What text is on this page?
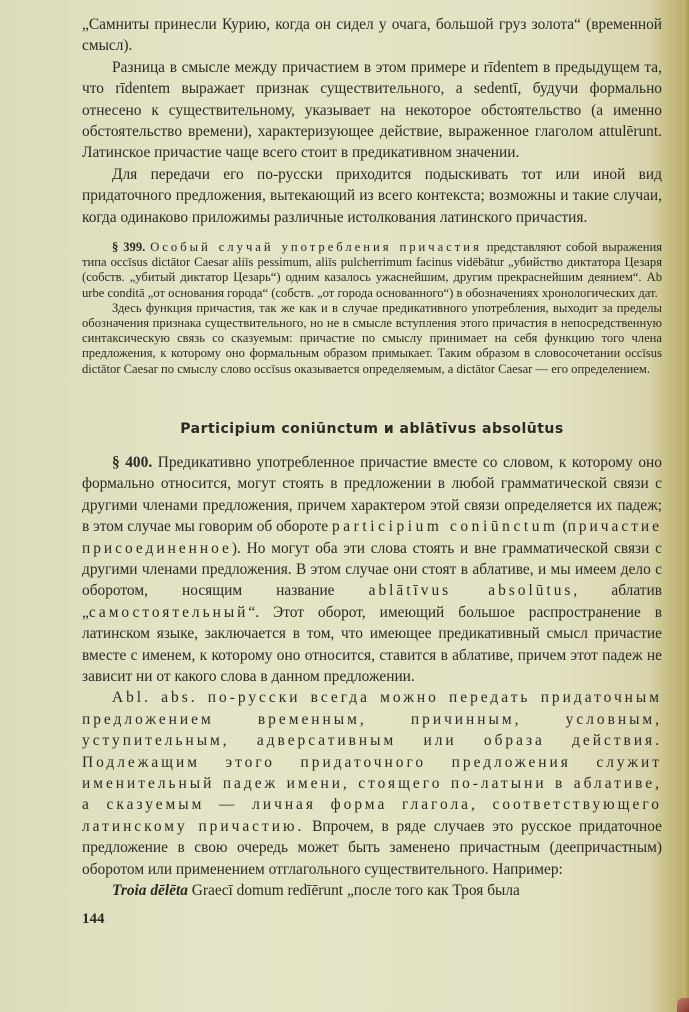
„Самниты принесли Курию, когда он сидел у очага, большой груз золота“ (временной смысл).

Разница в смысле между причастием в этом примере и rīdentem в предыдущем та, что rīdentem выражает признак существительного, а sedentī, будучи формально отнесено к существительному, указывает на некоторое обстоятельство (а именно обстоятельство времени), характеризующее действие, выраженное глаголом attulērunt. Латинское причастие чаще всего стоит в предикативном значении.

Для передачи его по-русски приходится подыскивать тот или иной вид придаточного предложения, вытекающий из всего контекста; возможны и такие случаи, когда одинаково приложимы различные истолкования латинского причастия.

§ 399. Особый случай употребления причастия представляют собой выражения типа occīsus dictātor Caesar aliīs pessimum, aliīs pulcherrimum facinus vidēbātur „убийство диктатора Цезаря (собств. „убитый диктатор Цезарь“) одним казалось ужаснейшим, другим прекраснейшим деянием“. Ab urbe conditā „от основания города“ (собств. „от города основанного“) в обозначениях хронологических дат.

Здесь функция причастия, так же как и в случае предикативного употребления, выходит за пределы обозначения признака существительного, но не в смысле вступления этого причастия в непосредственную синтаксическую связь со сказуемым: причастие по смыслу принимает на себя функцию того члена предложения, к которому оно формальным образом примыкает. Таким образом в словосочетании occīsus dictātor Caesar по смыслу слово occīsus оказывается определяемым, а dictātor Caesar — его определением.

Participium coniūnctum и ablātīvus absolūtus

§ 400. Предикативно употребленное причастие вместе со словом, к которому оно формально относится, могут стоять в предложении в любой грамматической связи с другими членами предложения, причем характером этой связи определяется их падеж; в этом случае мы говорим об обороте participium coniūnctum (причастие присоединенное). Но могут оба эти слова стоять и вне грамматической связи с другими членами предложения. В этом случае они стоят в аблативе, и мы имеем дело с оборотом, носящим название ablātīvus absolūtus, аблатив „самостоятельный“. Этот оборот, имеющий большое распространение в латинском языке, заключается в том, что имеющее предикативный смысл причастие вместе с именем, к которому оно относится, ставится в аблативе, причем этот падеж не зависит ни от какого слова в данном предложении.

Abl. abs. по-русски всегда можно передать придаточным предложением временным, причинным, условным, уступительным, адверсативным или образа действия. Подлежащим этого придаточного предложения служит именительный падеж имени, стоящего по-латыни в аблативе, а сказуемым — личная форма глагола, соответствующего латинскому причастию. Впрочем, в ряде случаев это русское придаточное предложение в свою очередь может быть заменено причастным (деепричастным) оборотом или применением отглагольного существительного. Например:

Troia dēlēta Graecī domum redīērunt „после того как Троя была

144
